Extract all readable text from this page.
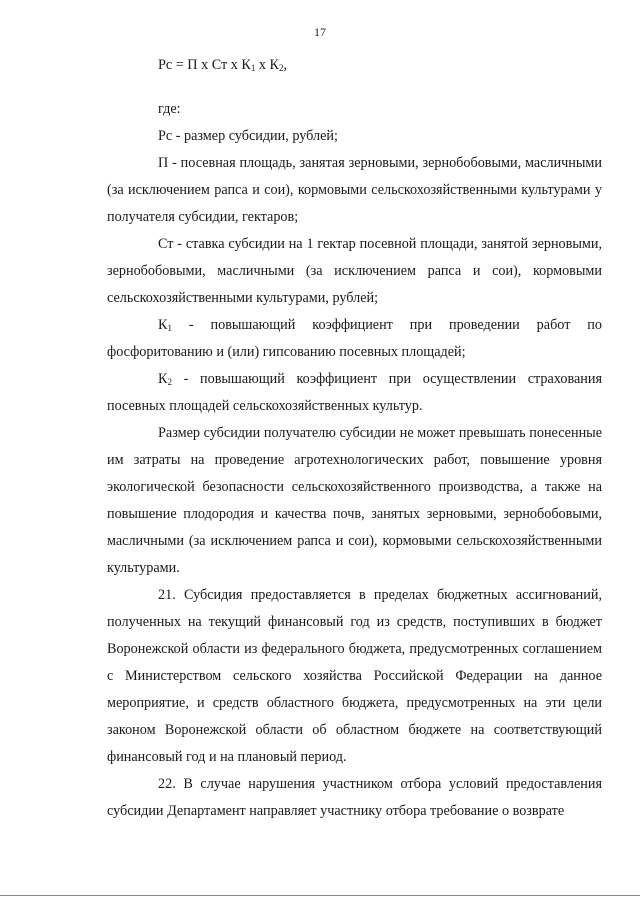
17
Рс = П х Ст х $К_1$ х $К_2$,
где:

Рс - размер субсидии, рублей;

П - посевная площадь, занятая зерновыми, зернобобовыми, масличными (за исключением рапса и сои), кормовыми сельскохозяйственными культурами у получателя субсидии, гектаров;

Ст - ставка субсидии на 1 гектар посевной площади, занятой зерновыми, зернобобовыми, масличными (за исключением рапса и сои), кормовыми сельскохозяйственными культурами, рублей;

$К_1$ - повышающий коэффициент при проведении работ по фосфоритованию и (или) гипсованию посевных площадей;

$К_2$ - повышающий коэффициент при осуществлении страхования посевных площадей сельскохозяйственных культур.

Размер субсидии получателю субсидии не может превышать понесенные им затраты на проведение агротехнологических работ, повышение уровня экологической безопасности сельскохозяйственного производства, а также на повышение плодородия и качества почв, занятых зерновыми, зернобобовыми, масличными (за исключением рапса и сои), кормовыми сельскохозяйственными культурами.

21. Субсидия предоставляется в пределах бюджетных ассигнований, полученных на текущий финансовый год из средств, поступивших в бюджет Воронежской области из федерального бюджета, предусмотренных соглашением с Министерством сельского хозяйства Российской Федерации на данное мероприятие, и средств областного бюджета, предусмотренных на эти цели законом Воронежской области об областном бюджете на соответствующий финансовый год и на плановый период.

22. В случае нарушения участником отбора условий предоставления субсидии Департамент направляет участнику отбора требование о возврате
